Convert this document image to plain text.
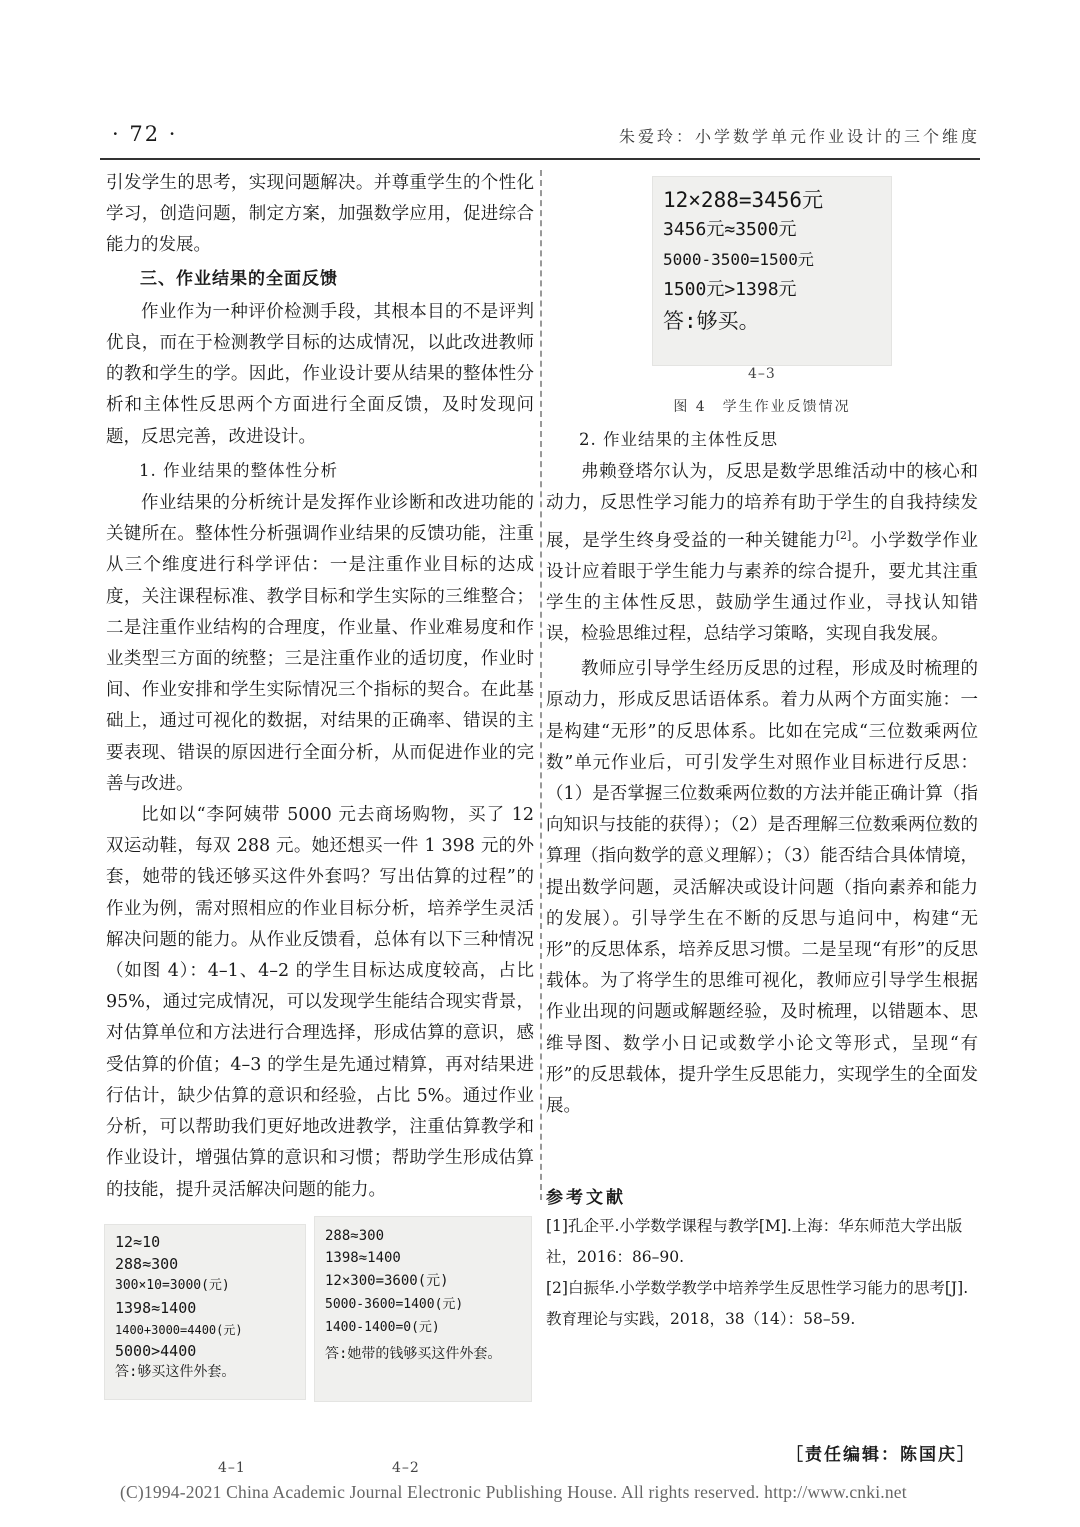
· 72 ·	朱爱玲：小学数学单元作业设计的三个维度

引发学生的思考，实现问题解决。并尊重学生的个性化学习，创造问题，制定方案，加强数学应用，促进综合能力的发展。

三、作业结果的全面反馈

作业作为一种评价检测手段，其根本目的不是评判优良，而在于检测教学目标的达成情况，以此改进教师的教和学生的学。因此，作业设计要从结果的整体性分析和主体性反思两个方面进行全面反馈，及时发现问题，反思完善，改进设计。

1. 作业结果的整体性分析

作业结果的分析统计是发挥作业诊断和改进功能的关键所在。整体性分析强调作业结果的反馈功能，注重从三个维度进行科学评估：一是注重作业目标的达成度，关注课程标准、教学目标和学生实际的三维整合；二是注重作业结构的合理度，作业量、作业难易度和作业类型三方面的统整；三是注重作业的适切度，作业时间、作业安排和学生实际情况三个指标的契合。在此基础上，通过可视化的数据，对结果的正确率、错误的主要表现、错误的原因进行全面分析，从而促进作业的完善与改进。

比如以“李阿姨带 5000 元去商场购物，买了 12 双运动鞋，每双 288 元。她还想买一件 1 398 元的外套，她带的钱还够买这件外套吗？写出估算的过程”的作业为例，需对照相应的作业目标分析，培养学生灵活解决问题的能力。从作业反馈看，总体有以下三种情况（如图 4）：4–1、4–2 的学生目标达成度较高，占比 95%，通过完成情况，可以发现学生能结合现实背景，对估算单位和方法进行合理选择，形成估算的意识，感受估算的价值；4–3 的学生是先通过精算，再对结果进行估计，缺少估算的意识和经验，占比 5%。通过作业分析，可以帮助我们更好地改进教学，注重估算教学和作业设计，增强估算的意识和习惯；帮助学生形成估算的技能，提升灵活解决问题的能力。

12×288=3456元
3456元≈3500元
5000-3500=1500元
1500元>1398元
答:够买。
4–3
图 4　学生作业反馈情况

2. 作业结果的主体性反思

弗赖登塔尔认为，反思是数学思维活动中的核心和动力，反思性学习能力的培养有助于学生的自我持续发展，是学生终身受益的一种关键能力[2]。小学数学作业设计应着眼于学生能力与素养的综合提升，要尤其注重学生的主体性反思，鼓励学生通过作业，寻找认知错误，检验思维过程，总结学习策略，实现自我发展。

教师应引导学生经历反思的过程，形成及时梳理的原动力，形成反思话语体系。着力从两个方面实施：一是构建“无形”的反思体系。比如在完成“三位数乘两位数”单元作业后，可引发学生对照作业目标进行反思：（1）是否掌握三位数乘两位数的方法并能正确计算（指向知识与技能的获得）；（2）是否理解三位数乘两位数的算理（指向数学的意义理解）；（3）能否结合具体情境，提出数学问题，灵活解决或设计问题（指向素养和能力的发展）。引导学生在不断的反思与追问中，构建“无形”的反思体系，培养反思习惯。二是呈现“有形”的反思载体。为了将学生的思维可视化，教师应引导学生根据作业出现的问题或解题经验，及时梳理，以错题本、思维导图、数学小日记或数学小论文等形式，呈现“有形”的反思载体，提升学生反思能力，实现学生的全面发展。

参考文献

[1]孔企平.小学数学课程与教学[M].上海：华东师范大学出版社，2016：86–90.

[2]白振华.小学数学教学中培养学生反思性学习能力的思考[J].教育理论与实践，2018，38（14）：58–59.

12≈10
288≈300
300×10=3000(元)
1398≈1400
1400+3000=4400(元)
5000>4400
答:够买这件外套。
4–1
288≈300
1398≈1400
12×300=3600(元)
5000-3600=1400(元)
1400-1400=0(元)
答:她带的钱够买这件外套。
4–2
［责任编辑：陈国庆］
(C)1994-2021 China Academic Journal Electronic Publishing House. All rights reserved. http://www.cnki.net
